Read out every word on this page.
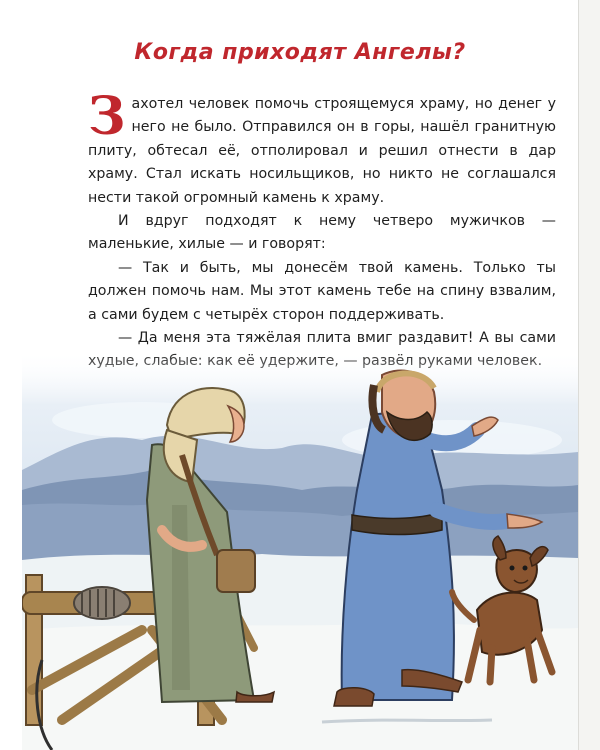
Когда приходят Ангелы?

Захотел человек помочь строящемуся храму, но денег у него не было. Отправился он в горы, нашёл гранитную плиту, обтесал её, отполировал и решил отнести в дар храму. Стал искать носильщиков, но никто не соглашался нести такой огромный камень к храму.

И вдруг подходят к нему четверо мужичков — маленькие, хилые — и говорят:

— Так и быть, мы донесём твой камень. Только ты должен помочь нам. Мы этот камень тебе на спину взвалим, а сами будем с четырёх сторон поддерживать.

— Да меня эта тяжёлая плита вмиг раздавит! А вы сами
